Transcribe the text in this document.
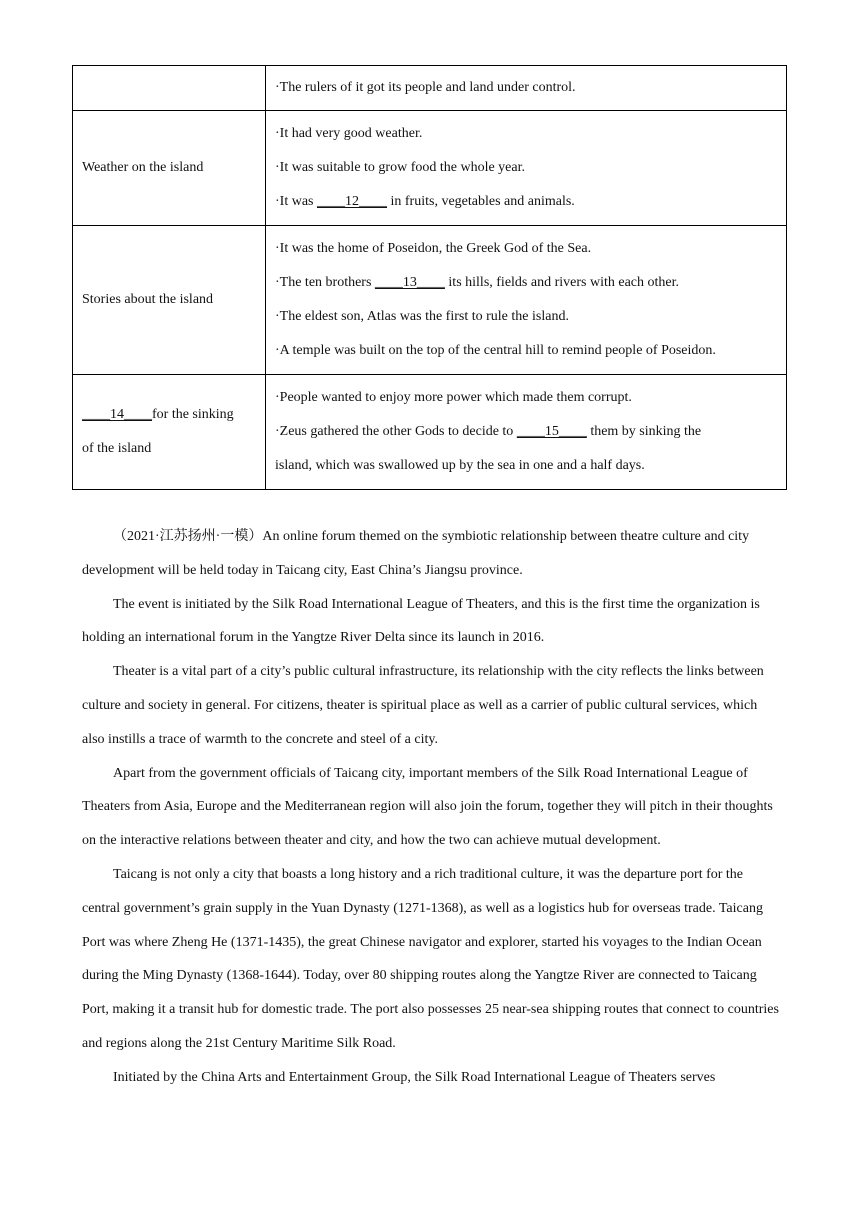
	·The rulers of it got its people and land under control.

Weather on the island	·It had very good weather.
·It was suitable to grow food the whole year.
·It was ____12____ in fruits, vegetables and animals.

Stories about the island	·It was the home of Poseidon, the Greek God of the Sea.
·The ten brothers ____13____ its hills, fields and rivers with each other.
·The eldest son, Atlas was the first to rule the island.
·A temple was built on the top of the central hill to remind people of Poseidon.

____14____for the sinking
of the island	·People wanted to enjoy more power which made them corrupt.
·Zeus gathered the other Gods to decide to ____15____ them by sinking the
island, which was swallowed up by the sea in one and a half days.

（2021·江苏扬州·一模）An online forum themed on the symbiotic relationship between theatre culture and city development will be held today in Taicang city, East China’s Jiangsu province.

The event is initiated by the Silk Road International League of Theaters, and this is the first time the organization is holding an international forum in the Yangtze River Delta since its launch in 2016.

Theater is a vital part of a city’s public cultural infrastructure, its relationship with the city reflects the links between culture and society in general. For citizens, theater is spiritual place as well as a carrier of public cultural services, which also instills a trace of warmth to the concrete and steel of a city.

Apart from the government officials of Taicang city, important members of the Silk Road International League of Theaters from Asia, Europe and the Mediterranean region will also join the forum, together they will pitch in their thoughts on the interactive relations between theater and city, and how the two can achieve mutual development.

Taicang is not only a city that boasts a long history and a rich traditional culture, it was the departure port for the central government’s grain supply in the Yuan Dynasty (1271-1368), as well as a logistics hub for overseas trade. Taicang Port was where Zheng He (1371-1435), the great Chinese navigator and explorer, started his voyages to the Indian Ocean during the Ming Dynasty (1368-1644). Today, over 80 shipping routes along the Yangtze River are connected to Taicang Port, making it a transit hub for domestic trade. The port also possesses 25 near-sea shipping routes that connect to countries and regions along the 21st Century Maritime Silk Road.

Initiated by the China Arts and Entertainment Group, the Silk Road International League of Theaters serves
